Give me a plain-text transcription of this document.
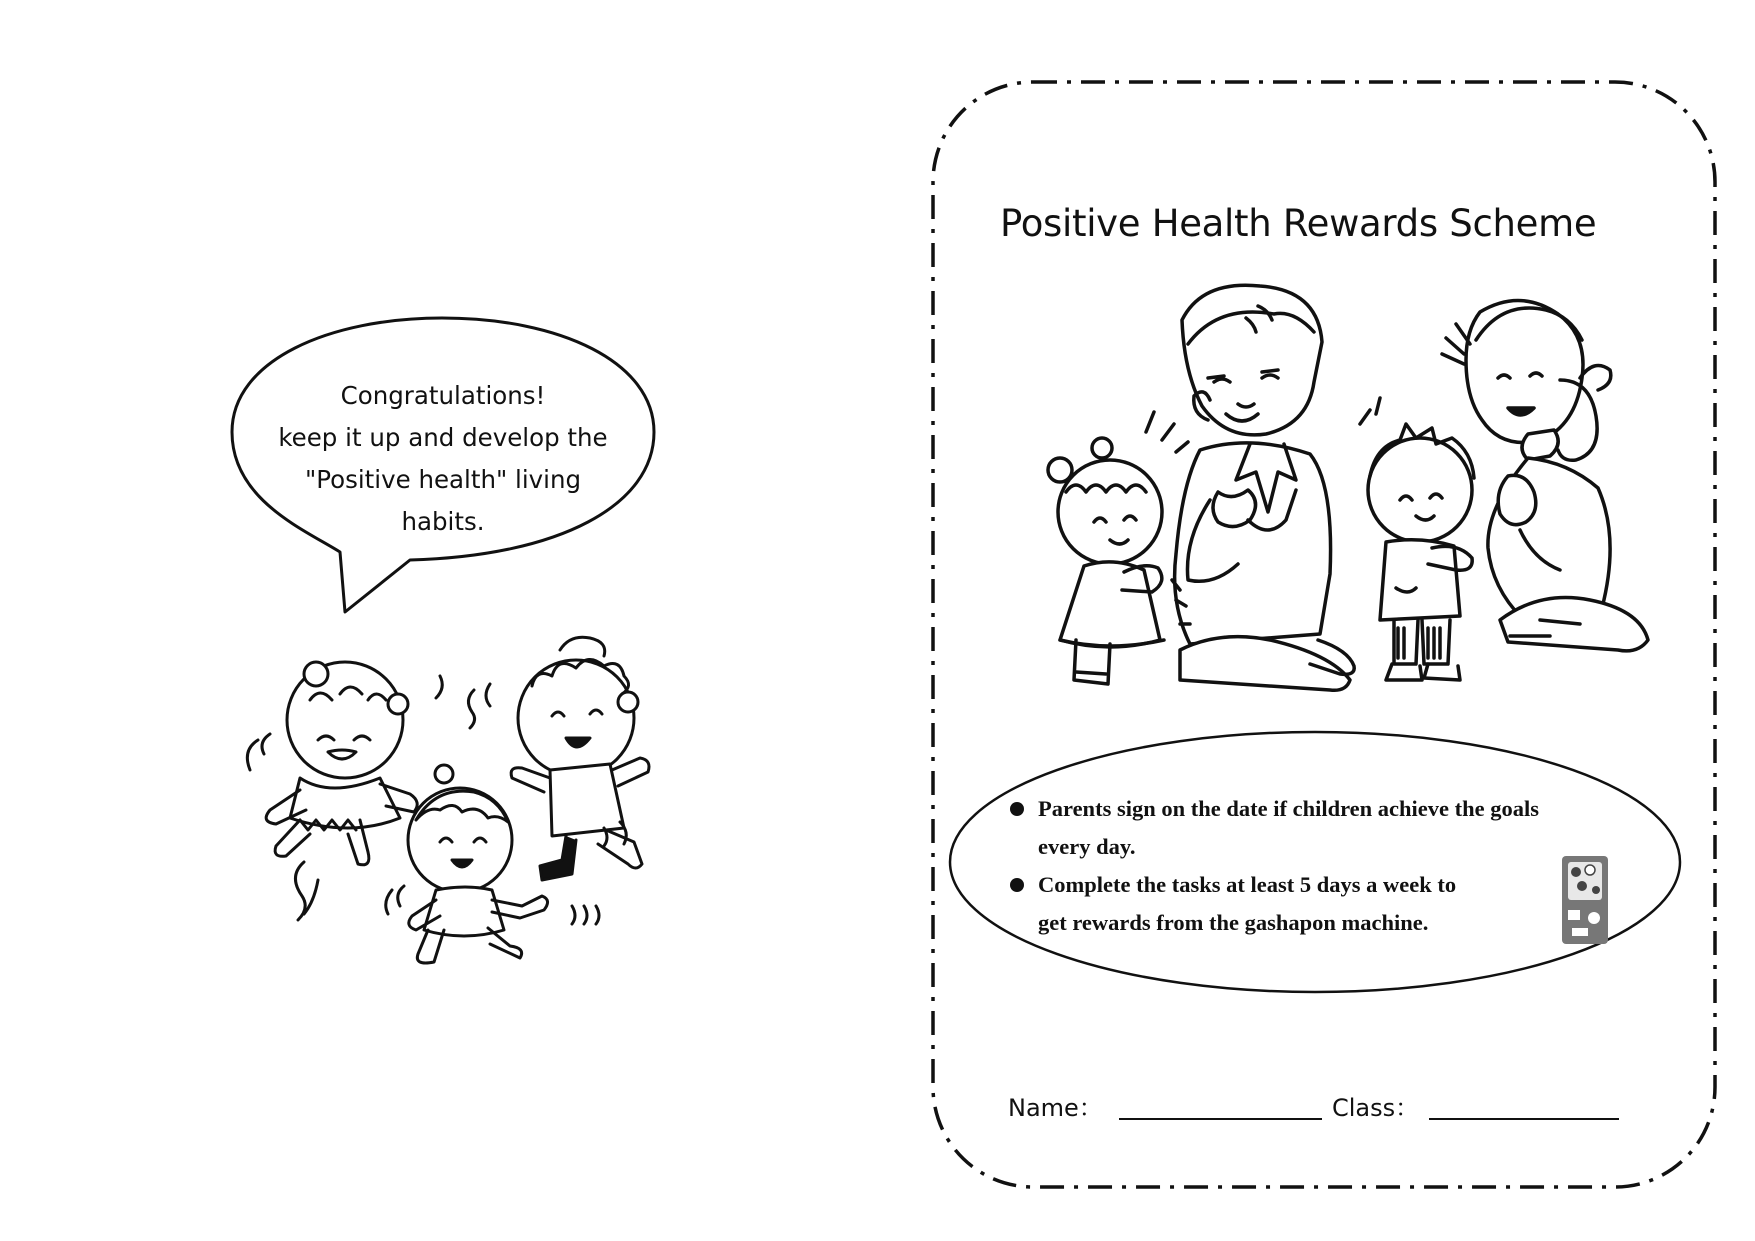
Congratulations!
keep it up and develop the
"Positive health" living
habits.
Positive Health Rewards Scheme
Parents sign on the date if children achieve the goals
every day.
Complete the tasks at least 5 days a week to
get rewards from the gashapon machine.
Name：	Class：
